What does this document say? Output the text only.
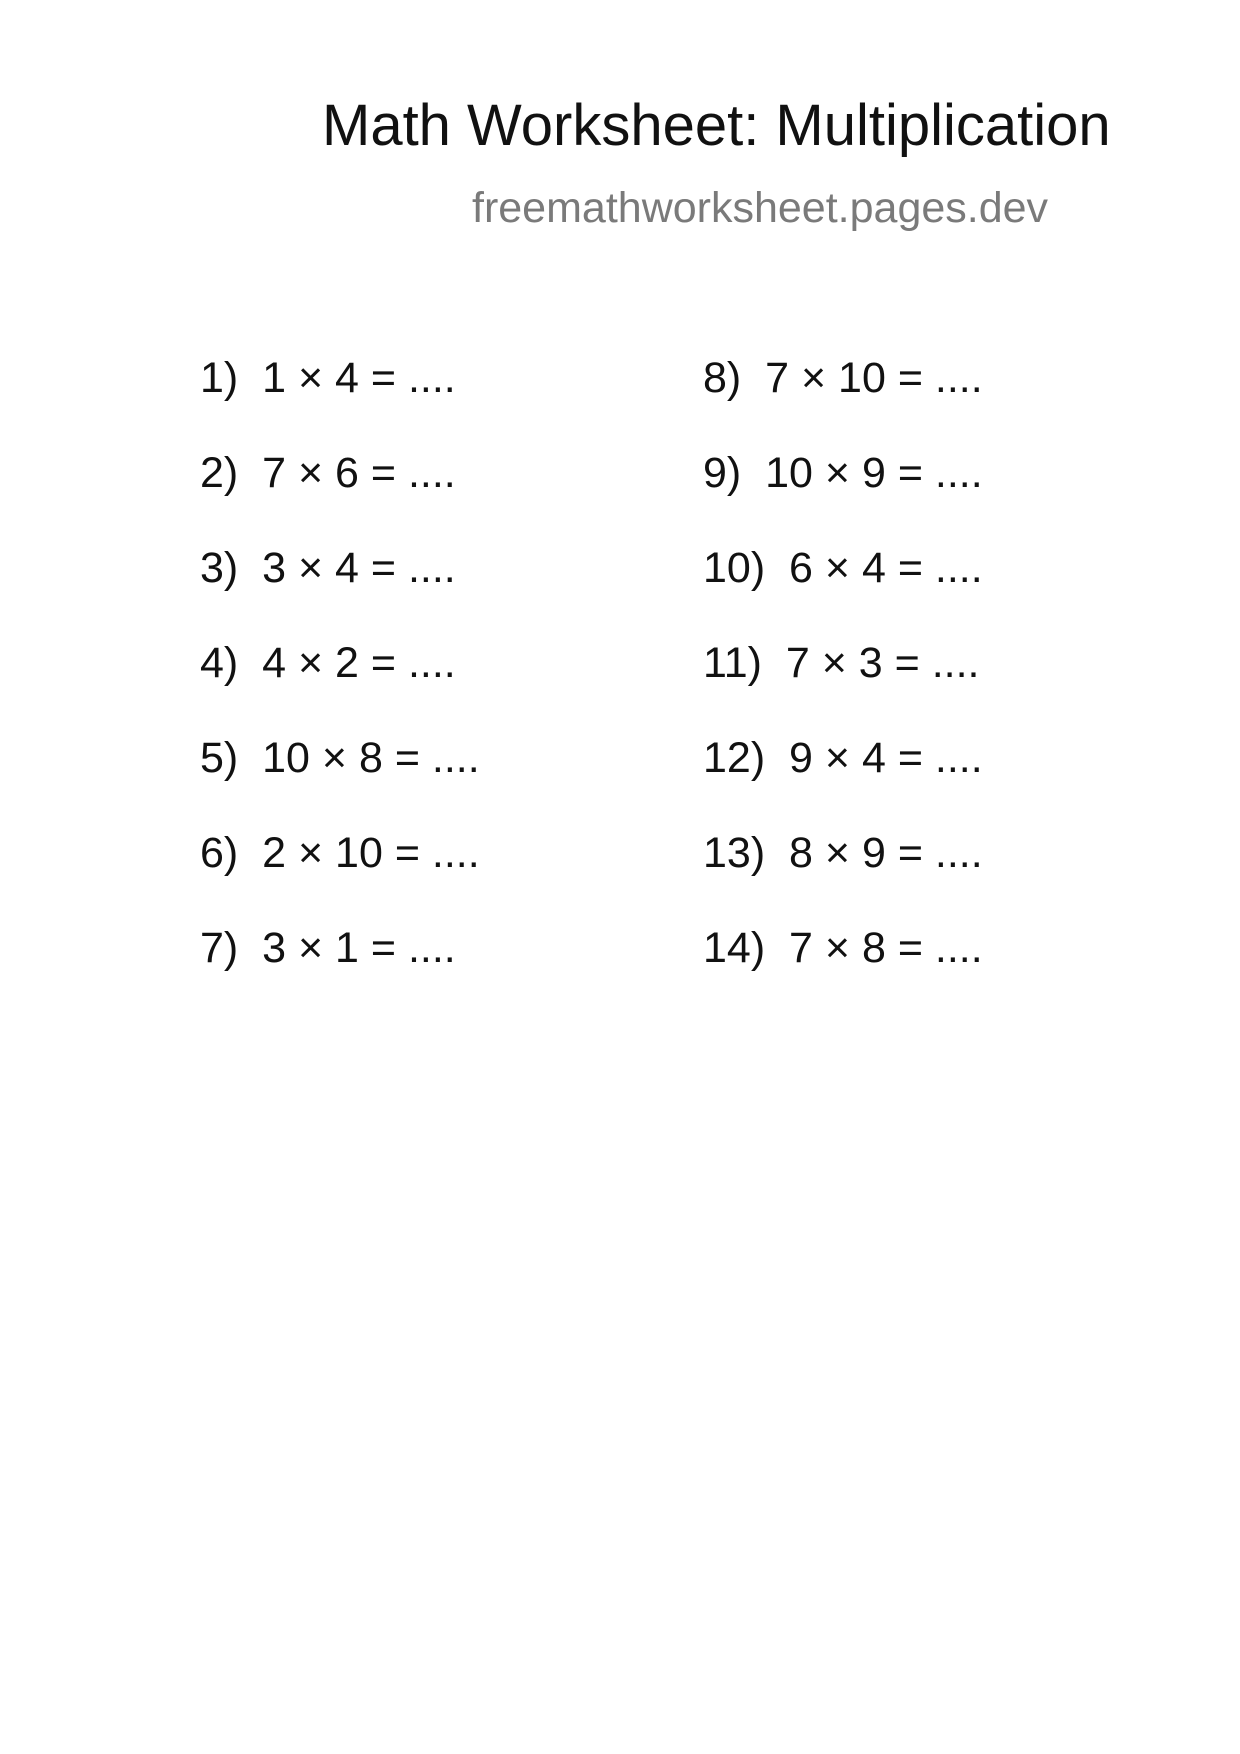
Math Worksheet: Multiplication
freemathworksheet.pages.dev
1)  1 × 4 = ....
2)  7 × 6 = ....
3)  3 × 4 = ....
4)  4 × 2 = ....
5)  10 × 8 = ....
6)  2 × 10 = ....
7)  3 × 1 = ....
8)  7 × 10 = ....
9)  10 × 9 = ....
10)  6 × 4 = ....
11)  7 × 3 = ....
12)  9 × 4 = ....
13)  8 × 9 = ....
14)  7 × 8 = ....
